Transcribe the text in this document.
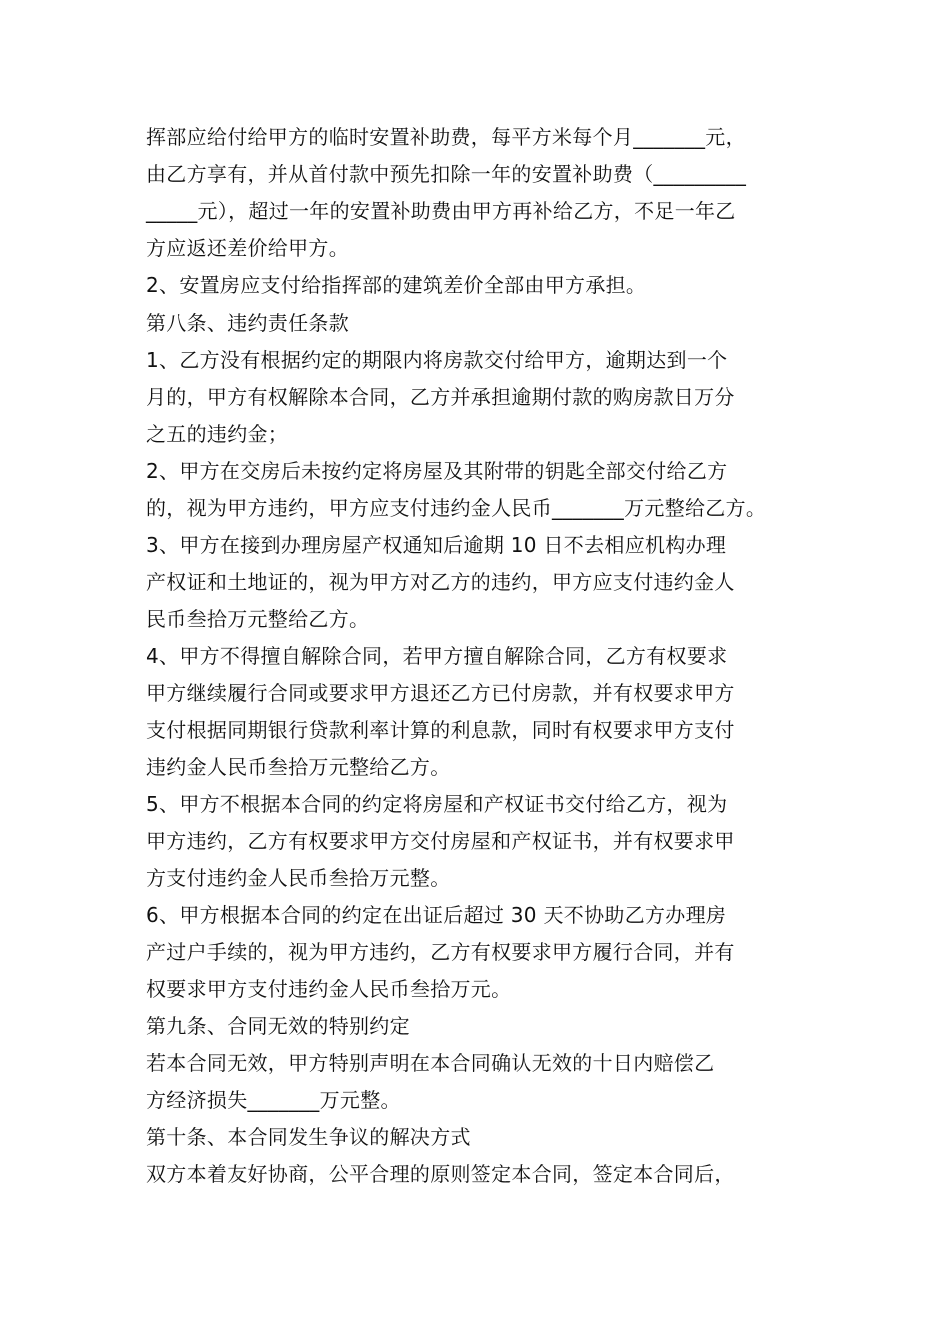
挥部应给付给甲方的临时安置补助费，每平方米每个月_______元，
由乙方享有，并从首付款中预先扣除一年的安置补助费（_________
_____元），超过一年的安置补助费由甲方再补给乙方，不足一年乙
方应返还差价给甲方。
2、安置房应支付给指挥部的建筑差价全部由甲方承担。
第八条、违约责任条款
1、乙方没有根据约定的期限内将房款交付给甲方，逾期达到一个
月的，甲方有权解除本合同，乙方并承担逾期付款的购房款日万分
之五的违约金；
2、甲方在交房后未按约定将房屋及其附带的钥匙全部交付给乙方
的，视为甲方违约，甲方应支付违约金人民币_______万元整给乙方。
3、甲方在接到办理房屋产权通知后逾期 10 日不去相应机构办理
产权证和土地证的，视为甲方对乙方的违约，甲方应支付违约金人
民币叁拾万元整给乙方。
4、甲方不得擅自解除合同，若甲方擅自解除合同，乙方有权要求
甲方继续履行合同或要求甲方退还乙方已付房款，并有权要求甲方
支付根据同期银行贷款利率计算的利息款，同时有权要求甲方支付
违约金人民币叁拾万元整给乙方。
5、甲方不根据本合同的约定将房屋和产权证书交付给乙方，视为
甲方违约，乙方有权要求甲方交付房屋和产权证书，并有权要求甲
方支付违约金人民币叁拾万元整。
6、甲方根据本合同的约定在出证后超过 30 天不协助乙方办理房
产过户手续的，视为甲方违约，乙方有权要求甲方履行合同，并有
权要求甲方支付违约金人民币叁拾万元。
第九条、合同无效的特别约定
若本合同无效，甲方特别声明在本合同确认无效的十日内赔偿乙
方经济损失_______万元整。
第十条、本合同发生争议的解决方式
双方本着友好协商，公平合理的原则签定本合同，签定本合同后，
